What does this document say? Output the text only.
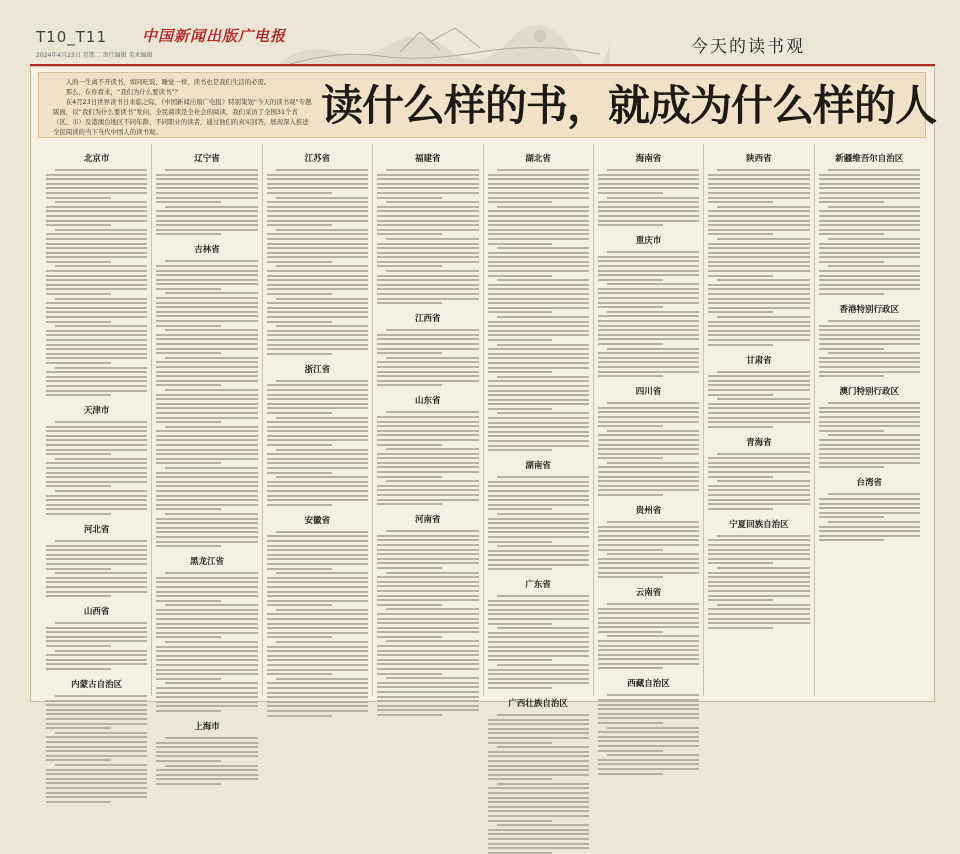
T10_T11
2024年4月23日 星期二 责任编辑 美术编辑
中国新闻出版广电报
今天的读书观

人的一生离不开读书，如同吃饭、睡觉一样，读书也是我们生活的必需。

那么，在你看来，“我们为什么要读书”？

在4月23日世界读书日来临之际，《中国新闻出版广电报》特别策划“今天的读书观”专题版面，以“我们为什么要读书”发问，全民阅读是全社会的阅读，我们采访了全国31个省（区、市）及港澳台地区不同年龄、不同职业的读者，通过他们的真实回答，展现深入推进全民阅读的当下当代中国人的读书观。

读什么样的书，就成为什么样的人
北京市
天津市
河北省
山西省
内蒙古自治区
辽宁省
吉林省
黑龙江省
上海市
江苏省
浙江省
安徽省
福建省
江西省
山东省
河南省
湖北省
湖南省
广东省
广西壮族自治区
海南省
重庆市
四川省
贵州省
云南省
西藏自治区
陕西省
甘肃省
青海省
宁夏回族自治区
新疆维吾尔自治区
香港特别行政区
澳门特别行政区
台湾省
